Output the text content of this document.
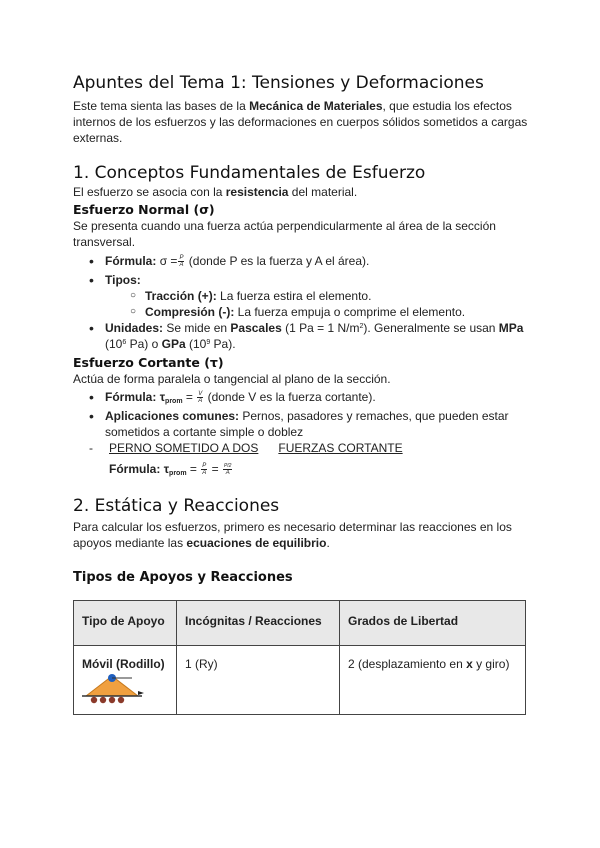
Apuntes del Tema 1: Tensiones y Deformaciones

Este tema sienta las bases de la Mecánica de Materiales, que estudia los efectos internos de los esfuerzos y las deformaciones en cuerpos sólidos sometidos a cargas externas.

1. Conceptos Fundamentales de Esfuerzo

El esfuerzo se asocia con la resistencia del material.

Esfuerzo Normal (σ)

Se presenta cuando una fuerza actúa perpendicularmente al área de la sección transversal.

• Fórmula: $\sigma = \frac{P}{A}$ (donde P es la fuerza y A el área).
• Tipos:
○ Tracción (+): La fuerza estira el elemento.
○ Compresión (-): La fuerza empuja o comprime el elemento.
• Unidades: Se mide en Pascales (1 Pa = 1 $N/m^2$). Generalmente se usan MPa ($10^6$ Pa) o GPa ($10^9$ Pa).
Esfuerzo Cortante (τ)

Actúa de forma paralela o tangencial al plano de la sección.

• Fórmula: $\tau_{prom} = \frac{V}{A}$ (donde V es la fuerza cortante).
• Aplicaciones comunes: Pernos, pasadores y remaches, que pueden estar sometidos a cortante simple o doblez
- PERNO SOMETIDO A DOS FUERZAS CORTANTE
Fórmula: $\tau_{prom} = \frac{P}{A} = \frac{P/2}{A}$
2. Estática y Reacciones

Para calcular los esfuerzos, primero es necesario determinar las reacciones en los apoyos mediante las ecuaciones de equilibrio.

Tipos de Apoyos y Reacciones
Tipo de Apoyo	Incógnitas / Reacciones	Grados de Libertad
Móvil (Rodillo)	1 (Ry)	2 (desplazamiento en x y giro)
